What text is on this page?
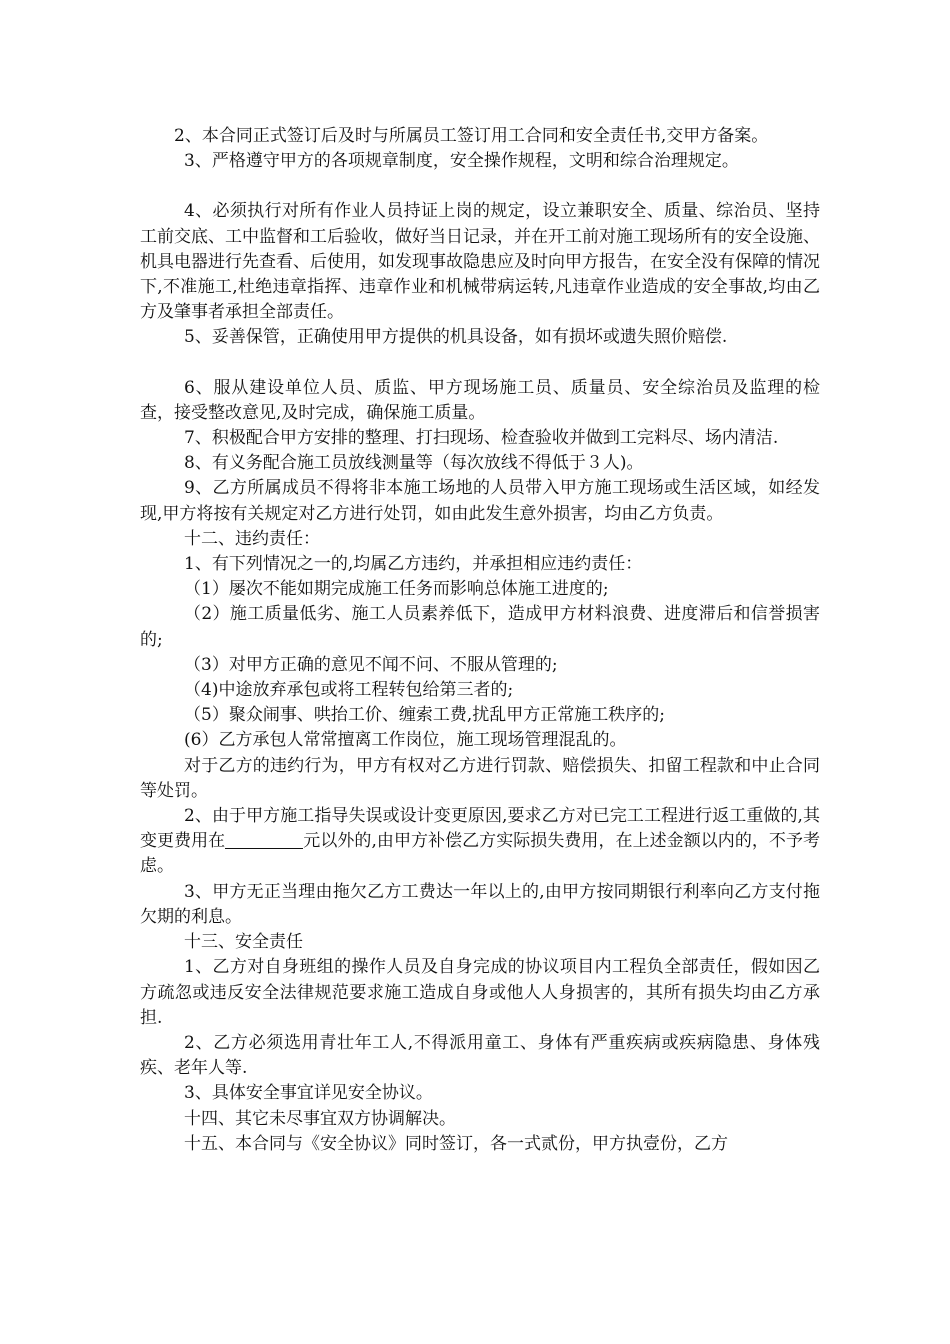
2、本合同正式签订后及时与所属员工签订用工合同和安全责任书,交甲方备案。

3、严格遵守甲方的各项规章制度，安全操作规程，文明和综合治理规定。

4、必须执行对所有作业人员持证上岗的规定，设立兼职安全、质量、综治员、坚持工前交底、工中监督和工后验收，做好当日记录，并在开工前对施工现场所有的安全设施、机具电器进行先查看、后使用，如发现事故隐患应及时向甲方报告，在安全没有保障的情况下,不准施工,杜绝违章指挥、违章作业和机械带病运转,凡违章作业造成的安全事故,均由乙方及肇事者承担全部责任。

5、妥善保管，正确使用甲方提供的机具设备，如有损坏或遗失照价赔偿.

6、服从建设单位人员、质监、甲方现场施工员、质量员、安全综治员及监理的检查，接受整改意见,及时完成，确保施工质量。

7、积极配合甲方安排的整理、打扫现场、检查验收并做到工完料尽、场内清洁.

8、有义务配合施工员放线测量等（每次放线不得低于３人)。

9、乙方所属成员不得将非本施工场地的人员带入甲方施工现场或生活区域，如经发现,甲方将按有关规定对乙方进行处罚，如由此发生意外损害，均由乙方负责。

十二、违约责任：

1、有下列情况之一的,均属乙方违约，并承担相应违约责任：

（1）屡次不能如期完成施工任务而影响总体施工进度的;

（2）施工质量低劣、施工人员素养低下，造成甲方材料浪费、进度滞后和信誉损害的;

（3）对甲方正确的意见不闻不问、不服从管理的;

（4)中途放弃承包或将工程转包给第三者的;

（5）聚众闹事、哄抬工价、缠索工费,扰乱甲方正常施工秩序的;

(6）乙方承包人常常擅离工作岗位，施工现场管理混乱的。

对于乙方的违约行为，甲方有权对乙方进行罚款、赔偿损失、扣留工程款和中止合同等处罚。

2、由于甲方施工指导失误或设计变更原因,要求乙方对已完工工程进行返工重做的,其变更费用在	元以外的,由甲方补偿乙方实际损失费用，在上述金额以内的，不予考虑。

3、甲方无正当理由拖欠乙方工费达一年以上的,由甲方按同期银行利率向乙方支付拖欠期的利息。

十三、安全责任

1、乙方对自身班组的操作人员及自身完成的协议项目内工程负全部责任，假如因乙方疏忽或违反安全法律规范要求施工造成自身或他人人身损害的，其所有损失均由乙方承担.

2、乙方必须选用青壮年工人,不得派用童工、身体有严重疾病或疾病隐患、身体残疾、老年人等.

3、具体安全事宜详见安全协议。

十四、其它未尽事宜双方协调解决。

十五、本合同与《安全协议》同时签订，各一式贰份，甲方执壹份，乙方
